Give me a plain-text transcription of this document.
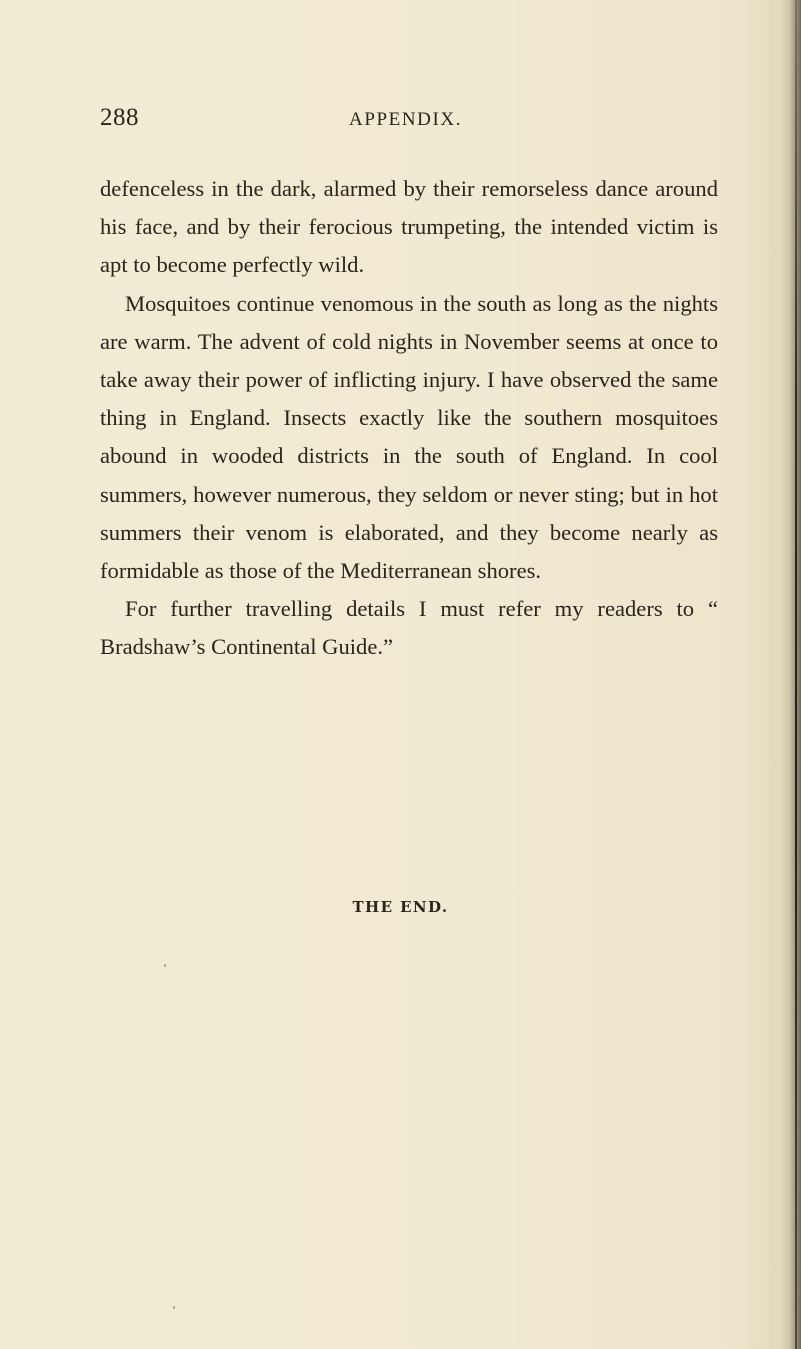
288	APPENDIX.

defenceless in the dark, alarmed by their remorseless dance around his face, and by their ferocious trumpeting, the intended victim is apt to become perfectly wild.

Mosquitoes continue venomous in the south as long as the nights are warm. The advent of cold nights in November seems at once to take away their power of inflicting injury. I have observed the same thing in England. Insects exactly like the southern mosquitoes abound in wooded districts in the south of England. In cool summers, however numerous, they seldom or never sting; but in hot summers their venom is elaborated, and they become nearly as formidable as those of the Mediterranean shores.

For further travelling details I must refer my readers to “ Bradshaw’s Continental Guide.”

THE END.
